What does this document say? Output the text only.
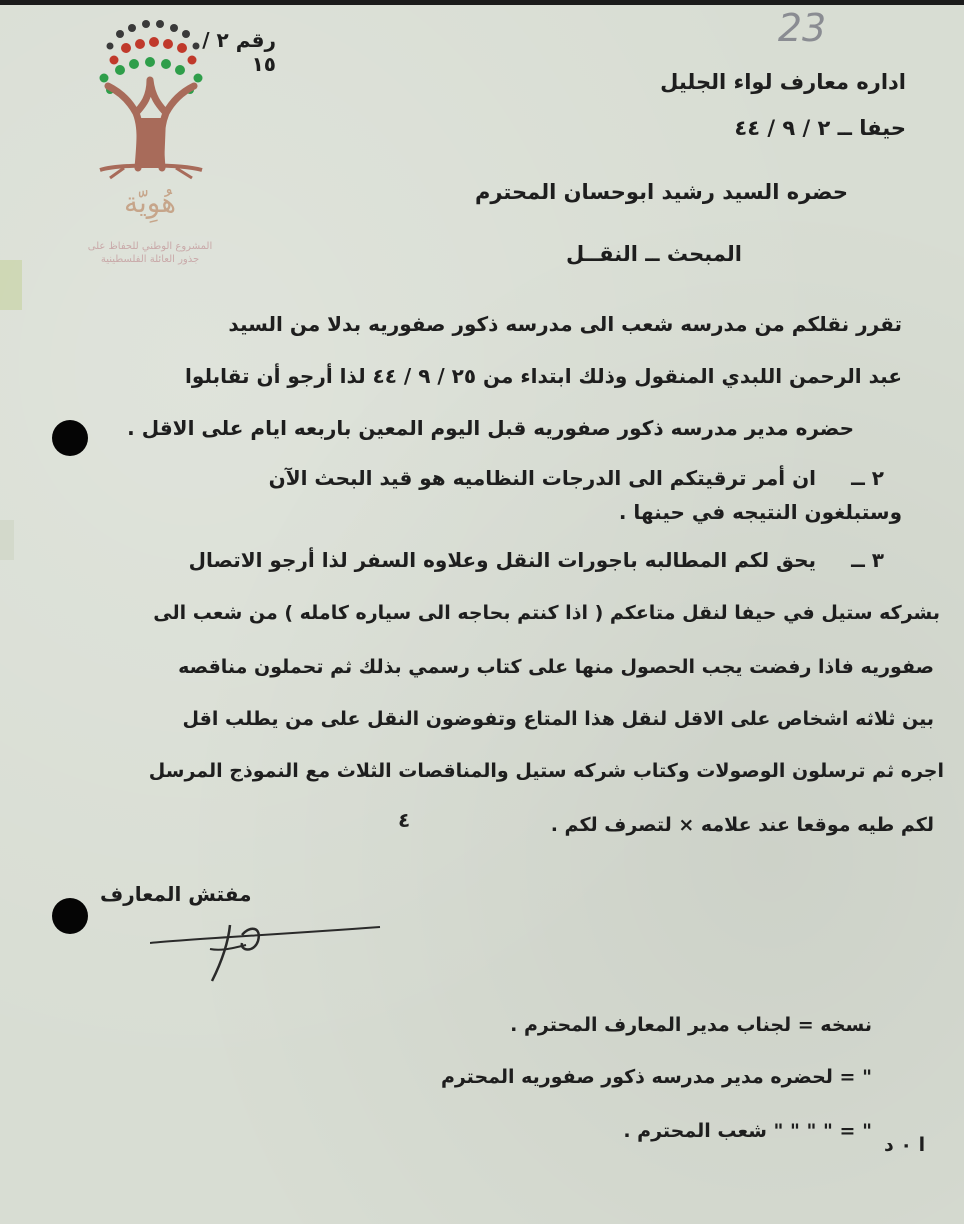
23
رقم ٢ / ١٥
هُوِيّة
المشروع الوطني للحفاظ على
جذور العائلة الفلسطينية
اداره معارف لواء الجليل
حيفا ــ ٢ / ٩ / ٤٤
حضره السيد رشيد ابوحسان المحترم
المبحث ــ النقــل
تقرر نقلكم من مدرسه شعب الى مدرسه ذكور صفوريه بدلا من السيد
عبد الرحمن اللبدي المنقول وذلك ابتداء من ٢٥ / ٩ / ٤٤ لذا أرجو أن تقابلوا
حضره مدير مدرسه ذكور صفوريه قبل اليوم المعين باربعه ايام على الاقل .
٢ ــ
ان أمر ترقيتكم الى الدرجات النظاميه هو قيد البحث الآن
وستبلغون النتيجه في حينها .
٣ ــ
يحق لكم المطالبه باجورات النقل وعلاوه السفر لذا أرجو الاتصال
بشركه ستيل في حيفا لنقل متاعكم ( اذا كنتم بحاجه الى سياره كامله ) من شعب الى
صفوريه فاذا رفضت يجب الحصول منها على كتاب رسمي بذلك ثم تحملون مناقصه
بين ثلاثه اشخاص على الاقل لنقل هذا المتاع وتفوضون النقل على من يطلب اقل
اجره ثم ترسلون الوصولات وكتاب شركه ستيل والمناقصات الثلاث مع النموذج المرسل
لكم طيه موقعا عند علامه × لتصرف لكم .
٤
مفتش المعارف
نسخه = لجناب مدير المعارف المحترم .
" = لحضره مدير مدرسه ذكور صفوريه المحترم
" = " " " " شعب المحترم .
ا ٠ د
